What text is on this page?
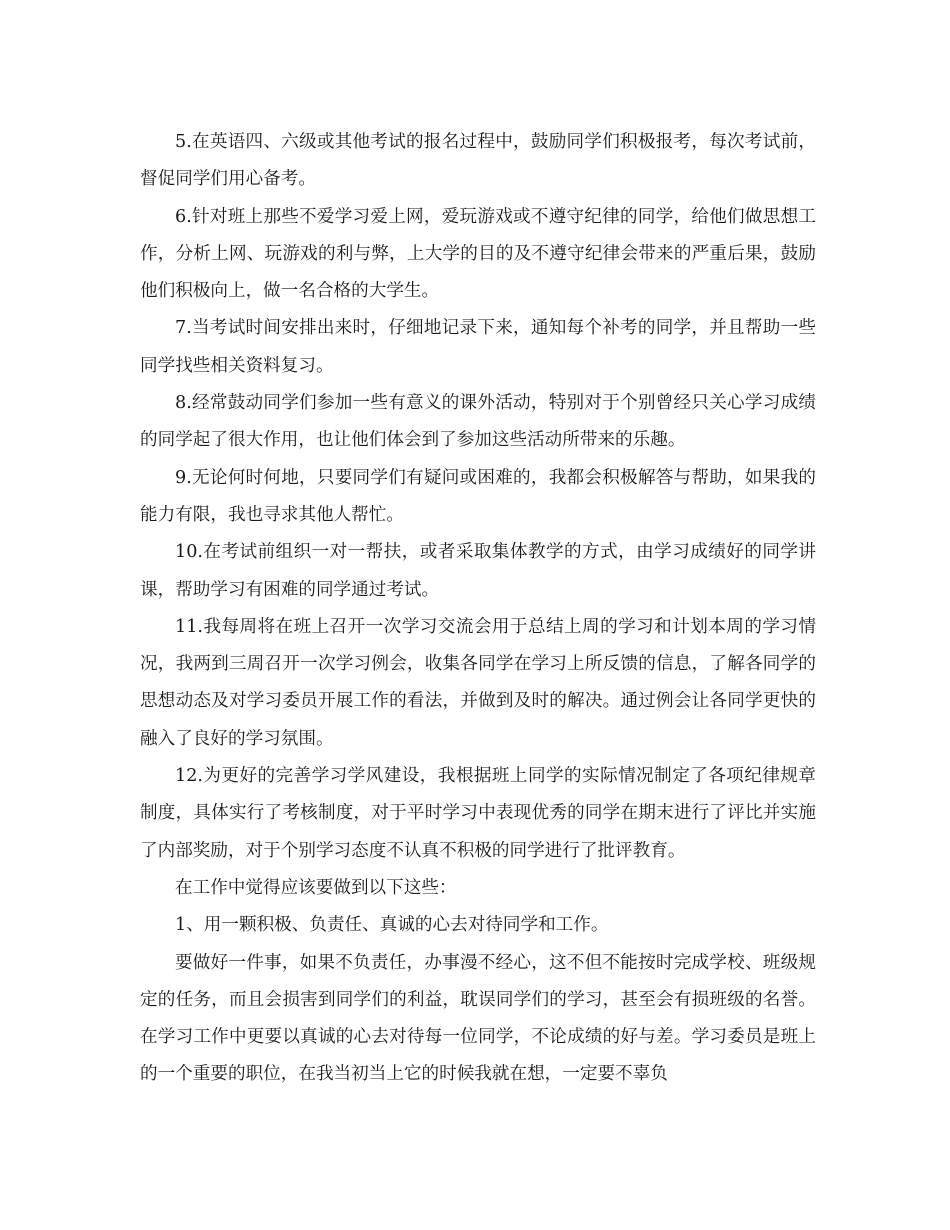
5.在英语四、六级或其他考试的报名过程中，鼓励同学们积极报考，每次考试前，督促同学们用心备考。

6.针对班上那些不爱学习爱上网，爱玩游戏或不遵守纪律的同学，给他们做思想工作，分析上网、玩游戏的利与弊，上大学的目的及不遵守纪律会带来的严重后果，鼓励他们积极向上，做一名合格的大学生。

7.当考试时间安排出来时，仔细地记录下来，通知每个补考的同学，并且帮助一些同学找些相关资料复习。

8.经常鼓动同学们参加一些有意义的课外活动，特别对于个别曾经只关心学习成绩的同学起了很大作用，也让他们体会到了参加这些活动所带来的乐趣。

9.无论何时何地，只要同学们有疑问或困难的，我都会积极解答与帮助，如果我的能力有限，我也寻求其他人帮忙。

10.在考试前组织一对一帮扶，或者采取集体教学的方式，由学习成绩好的同学讲课，帮助学习有困难的同学通过考试。

11.我每周将在班上召开一次学习交流会用于总结上周的学习和计划本周的学习情况，我两到三周召开一次学习例会，收集各同学在学习上所反馈的信息，了解各同学的思想动态及对学习委员开展工作的看法，并做到及时的解决。通过例会让各同学更快的融入了良好的学习氛围。

12.为更好的完善学习学风建设，我根据班上同学的实际情况制定了各项纪律规章制度，具体实行了考核制度，对于平时学习中表现优秀的同学在期末进行了评比并实施了内部奖励，对于个别学习态度不认真不积极的同学进行了批评教育。

在工作中觉得应该要做到以下这些：

1、用一颗积极、负责任、真诚的心去对待同学和工作。

要做好一件事，如果不负责任，办事漫不经心，这不但不能按时完成学校、班级规定的任务，而且会损害到同学们的利益，耽误同学们的学习，甚至会有损班级的名誉。在学习工作中更要以真诚的心去对待每一位同学，不论成绩的好与差。学习委员是班上的一个重要的职位，在我当初当上它的时候我就在想，一定要不辜负
